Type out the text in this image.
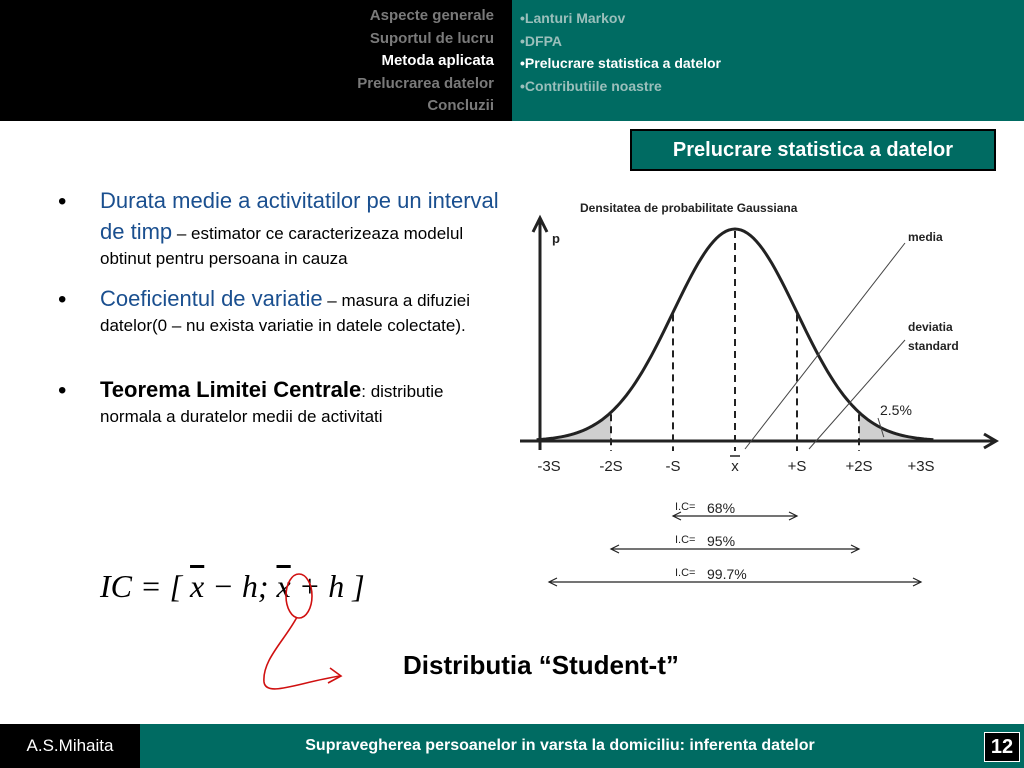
Aspecte generale
Suportul de lucru
Metoda aplicata
Prelucrarea datelor
Concluzii
•Lanturi Markov
•DFPA
•Prelucrare statistica a datelor
•Contributiile noastre
Prelucrare statistica a datelor
• Durata medie a activitatilor pe un interval de timp – estimator ce caracterizeaza modelul obtinut pentru persoana in cauza
• Coeficientul de variatie – masura a difuziei datelor(0 – nu exista variatie in datele colectate).
• Teorema Limitei Centrale: distributie normala a duratelor medii de activitati
Densitatea de probabilitate Gaussiana
p
-3S	-2S	-S	x	+S	+2S +3S
media
deviatia
standard
2.5%
I.C= 68%
I.C= 95%
I.C= 99.7%
IC = [ $\overline{x} - h$; $\overline{x} + h$ ]
Distributia “Student-t”
A.S.Mihaita	Supravegherea persoanelor in varsta la domiciliu: inferenta datelor	12
